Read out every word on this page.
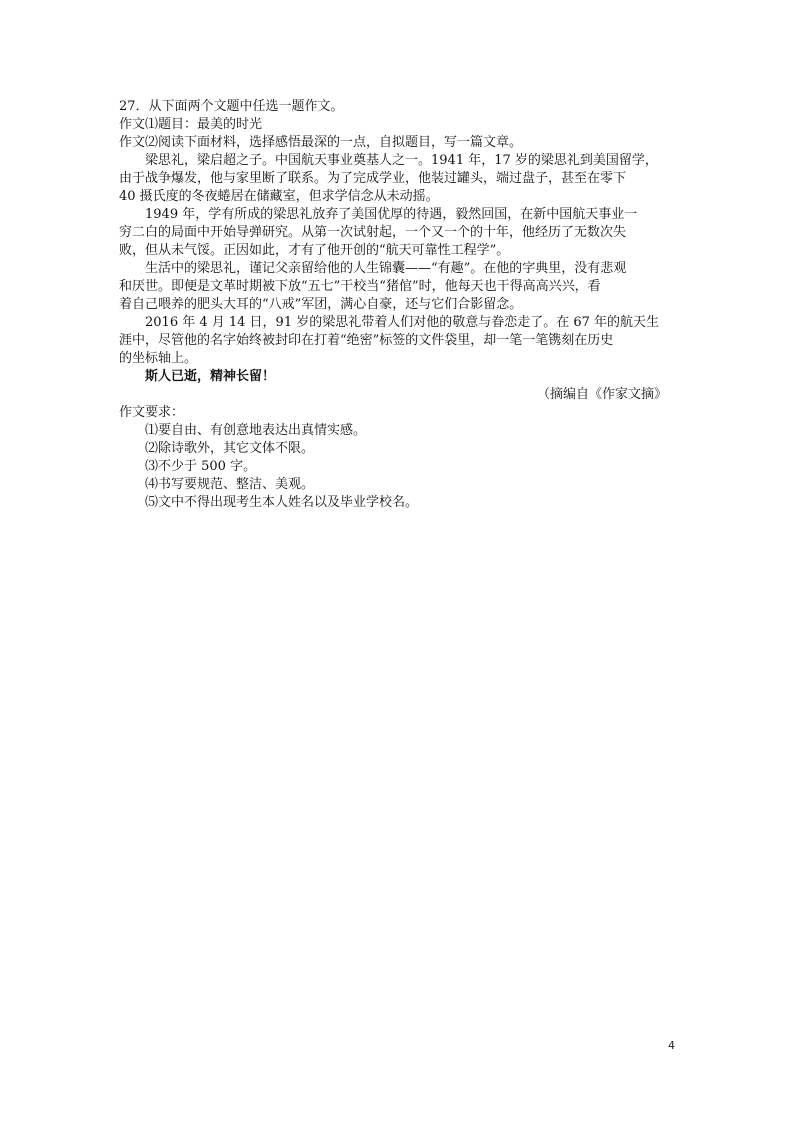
27．从下面两个文题中任选一题作文。
作文⑴题目：最美的时光
作文⑵阅读下面材料，选择感悟最深的一点，自拟题目，写一篇文章。
梁思礼，梁启超之子。中国航天事业奠基人之一。1941 年，17 岁的梁思礼到美国留学，
由于战争爆发，他与家里断了联系。为了完成学业，他装过罐头，端过盘子，甚至在零下
40 摄氏度的冬夜蜷居在储藏室，但求学信念从未动摇。
1949 年，学有所成的梁思礼放弃了美国优厚的待遇，毅然回国，在新中国航天事业一
穷二白的局面中开始导弹研究。从第一次试射起，一个又一个的十年，他经历了无数次失
败，但从未气馁。正因如此，才有了他开创的“航天可靠性工程学”。
生活中的梁思礼，谨记父亲留给他的人生锦囊——“有趣”。在他的字典里，没有悲观
和厌世。即便是文革时期被下放“五七”干校当“猪倌”时，他每天也干得高高兴兴，看
着自己喂养的肥头大耳的“八戒”军团，满心自豪，还与它们合影留念。
2016 年 4 月 14 日，91 岁的梁思礼带着人们对他的敬意与眷恋走了。在 67 年的航天生
涯中，尽管他的名字始终被封印在打着“绝密”标签的文件袋里，却一笔一笔镌刻在历史
的坐标轴上。
斯人已逝，精神长留！
（摘编自《作家文摘》
作文要求：
⑴要自由、有创意地表达出真情实感。
⑵除诗歌外，其它文体不限。
⑶不少于 500 字。
⑷书写要规范、整洁、美观。
⑸文中不得出现考生本人姓名以及毕业学校名。
4
